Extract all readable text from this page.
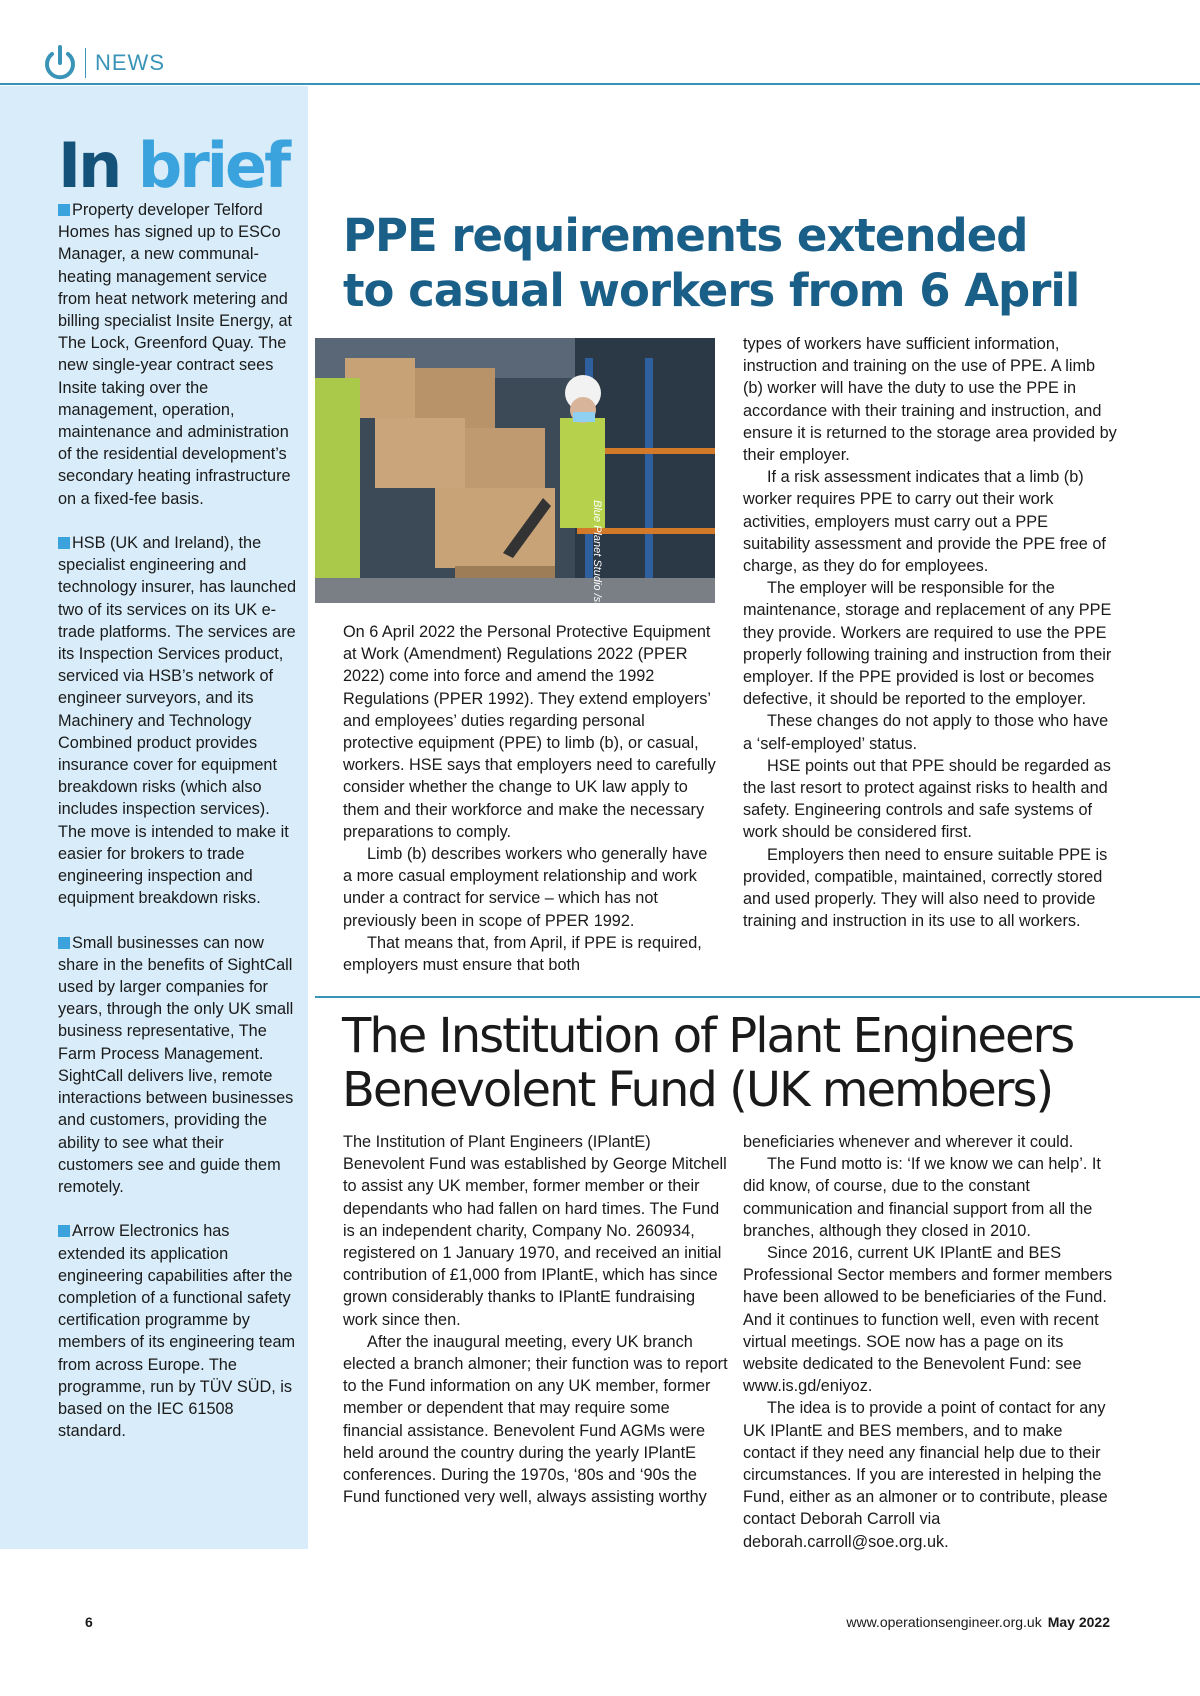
NEWS
In brief
Property developer Telford Homes has signed up to ESCo Manager, a new communal-heating management service from heat network metering and billing specialist Insite Energy, at The Lock, Greenford Quay. The new single-year contract sees Insite taking over the management, operation, maintenance and administration of the residential development’s secondary heating infrastructure on a fixed-fee basis.
HSB (UK and Ireland), the specialist engineering and technology insurer, has launched two of its services on its UK e-trade platforms. The services are its Inspection Services product, serviced via HSB’s network of engineer surveyors, and its Machinery and Technology Combined product provides insurance cover for equipment breakdown risks (which also includes inspection services). The move is intended to make it easier for brokers to trade engineering inspection and equipment breakdown risks.
Small businesses can now share in the benefits of SightCall used by larger companies for years, through the only UK small business representative, The Farm Process Management. SightCall delivers live, remote interactions between businesses and customers, providing the ability to see what their customers see and guide them remotely.
Arrow Electronics has extended its application engineering capabilities after the completion of a functional safety certification programme by members of its engineering team from across Europe. The programme, run by TÜV SÜD, is based on the IEC 61508 standard.
PPE requirements extended
to casual workers from 6 April
Blue Planet Studio /stock.adobe.com

On 6 April 2022 the Personal Protective Equipment at Work (Amendment) Regulations 2022 (PPER 2022) come into force and amend the 1992 Regulations (PPER 1992). They extend employers’ and employees’ duties regarding personal protective equipment (PPE) to limb (b), or casual, workers. HSE says that employers need to carefully consider whether the change to UK law apply to them and their workforce and make the necessary preparations to comply.

Limb (b) describes workers who generally have a more casual employment relationship and work under a contract for service – which has not previously been in scope of PPER 1992.

That means that, from April, if PPE is required, employers must ensure that both

types of workers have sufficient information, instruction and training on the use of PPE. A limb (b) worker will have the duty to use the PPE in accordance with their training and instruction, and ensure it is returned to the storage area provided by their employer.

If a risk assessment indicates that a limb (b) worker requires PPE to carry out their work activities, employers must carry out a PPE suitability assessment and provide the PPE free of charge, as they do for employees.

The employer will be responsible for the maintenance, storage and replacement of any PPE they provide. Workers are required to use the PPE properly following training and instruction from their employer. If the PPE provided is lost or becomes defective, it should be reported to the employer.

These changes do not apply to those who have a ‘self-employed’ status.

HSE points out that PPE should be regarded as the last resort to protect against risks to health and safety. Engineering controls and safe systems of work should be considered first.

Employers then need to ensure suitable PPE is provided, compatible, maintained, correctly stored and used properly. They will also need to provide training and instruction in its use to all workers.

The Institution of Plant Engineers
Benevolent Fund (UK members)

The Institution of Plant Engineers (IPlantE) Benevolent Fund was established by George Mitchell to assist any UK member, former member or their dependants who had fallen on hard times. The Fund is an independent charity, Company No. 260934, registered on 1 January 1970, and received an initial contribution of £1,000 from IPlantE, which has since grown considerably thanks to IPlantE fundraising work since then.

After the inaugural meeting, every UK branch elected a branch almoner; their function was to report to the Fund information on any UK member, former member or dependent that may require some financial assistance. Benevolent Fund AGMs were held around the country during the yearly IPlantE conferences. During the 1970s, ‘80s and ‘90s the Fund functioned very well, always assisting worthy

beneficiaries whenever and wherever it could.

The Fund motto is: ‘If we know we can help’. It did know, of course, due to the constant communication and financial support from all the branches, although they closed in 2010.

Since 2016, current UK IPlantE and BES Professional Sector members and former members have been allowed to be beneficiaries of the Fund. And it continues to function well, even with recent virtual meetings. SOE now has a page on its website dedicated to the Benevolent Fund: see www.is.gd/eniyoz.

The idea is to provide a point of contact for any UK IPlantE and BES members, and to make contact if they need any financial help due to their circumstances. If you are interested in helping the Fund, either as an almoner or to contribute, please contact Deborah Carroll via deborah.carroll@soe.org.uk.

6	www.operationsengineer.org.uk May 2022
